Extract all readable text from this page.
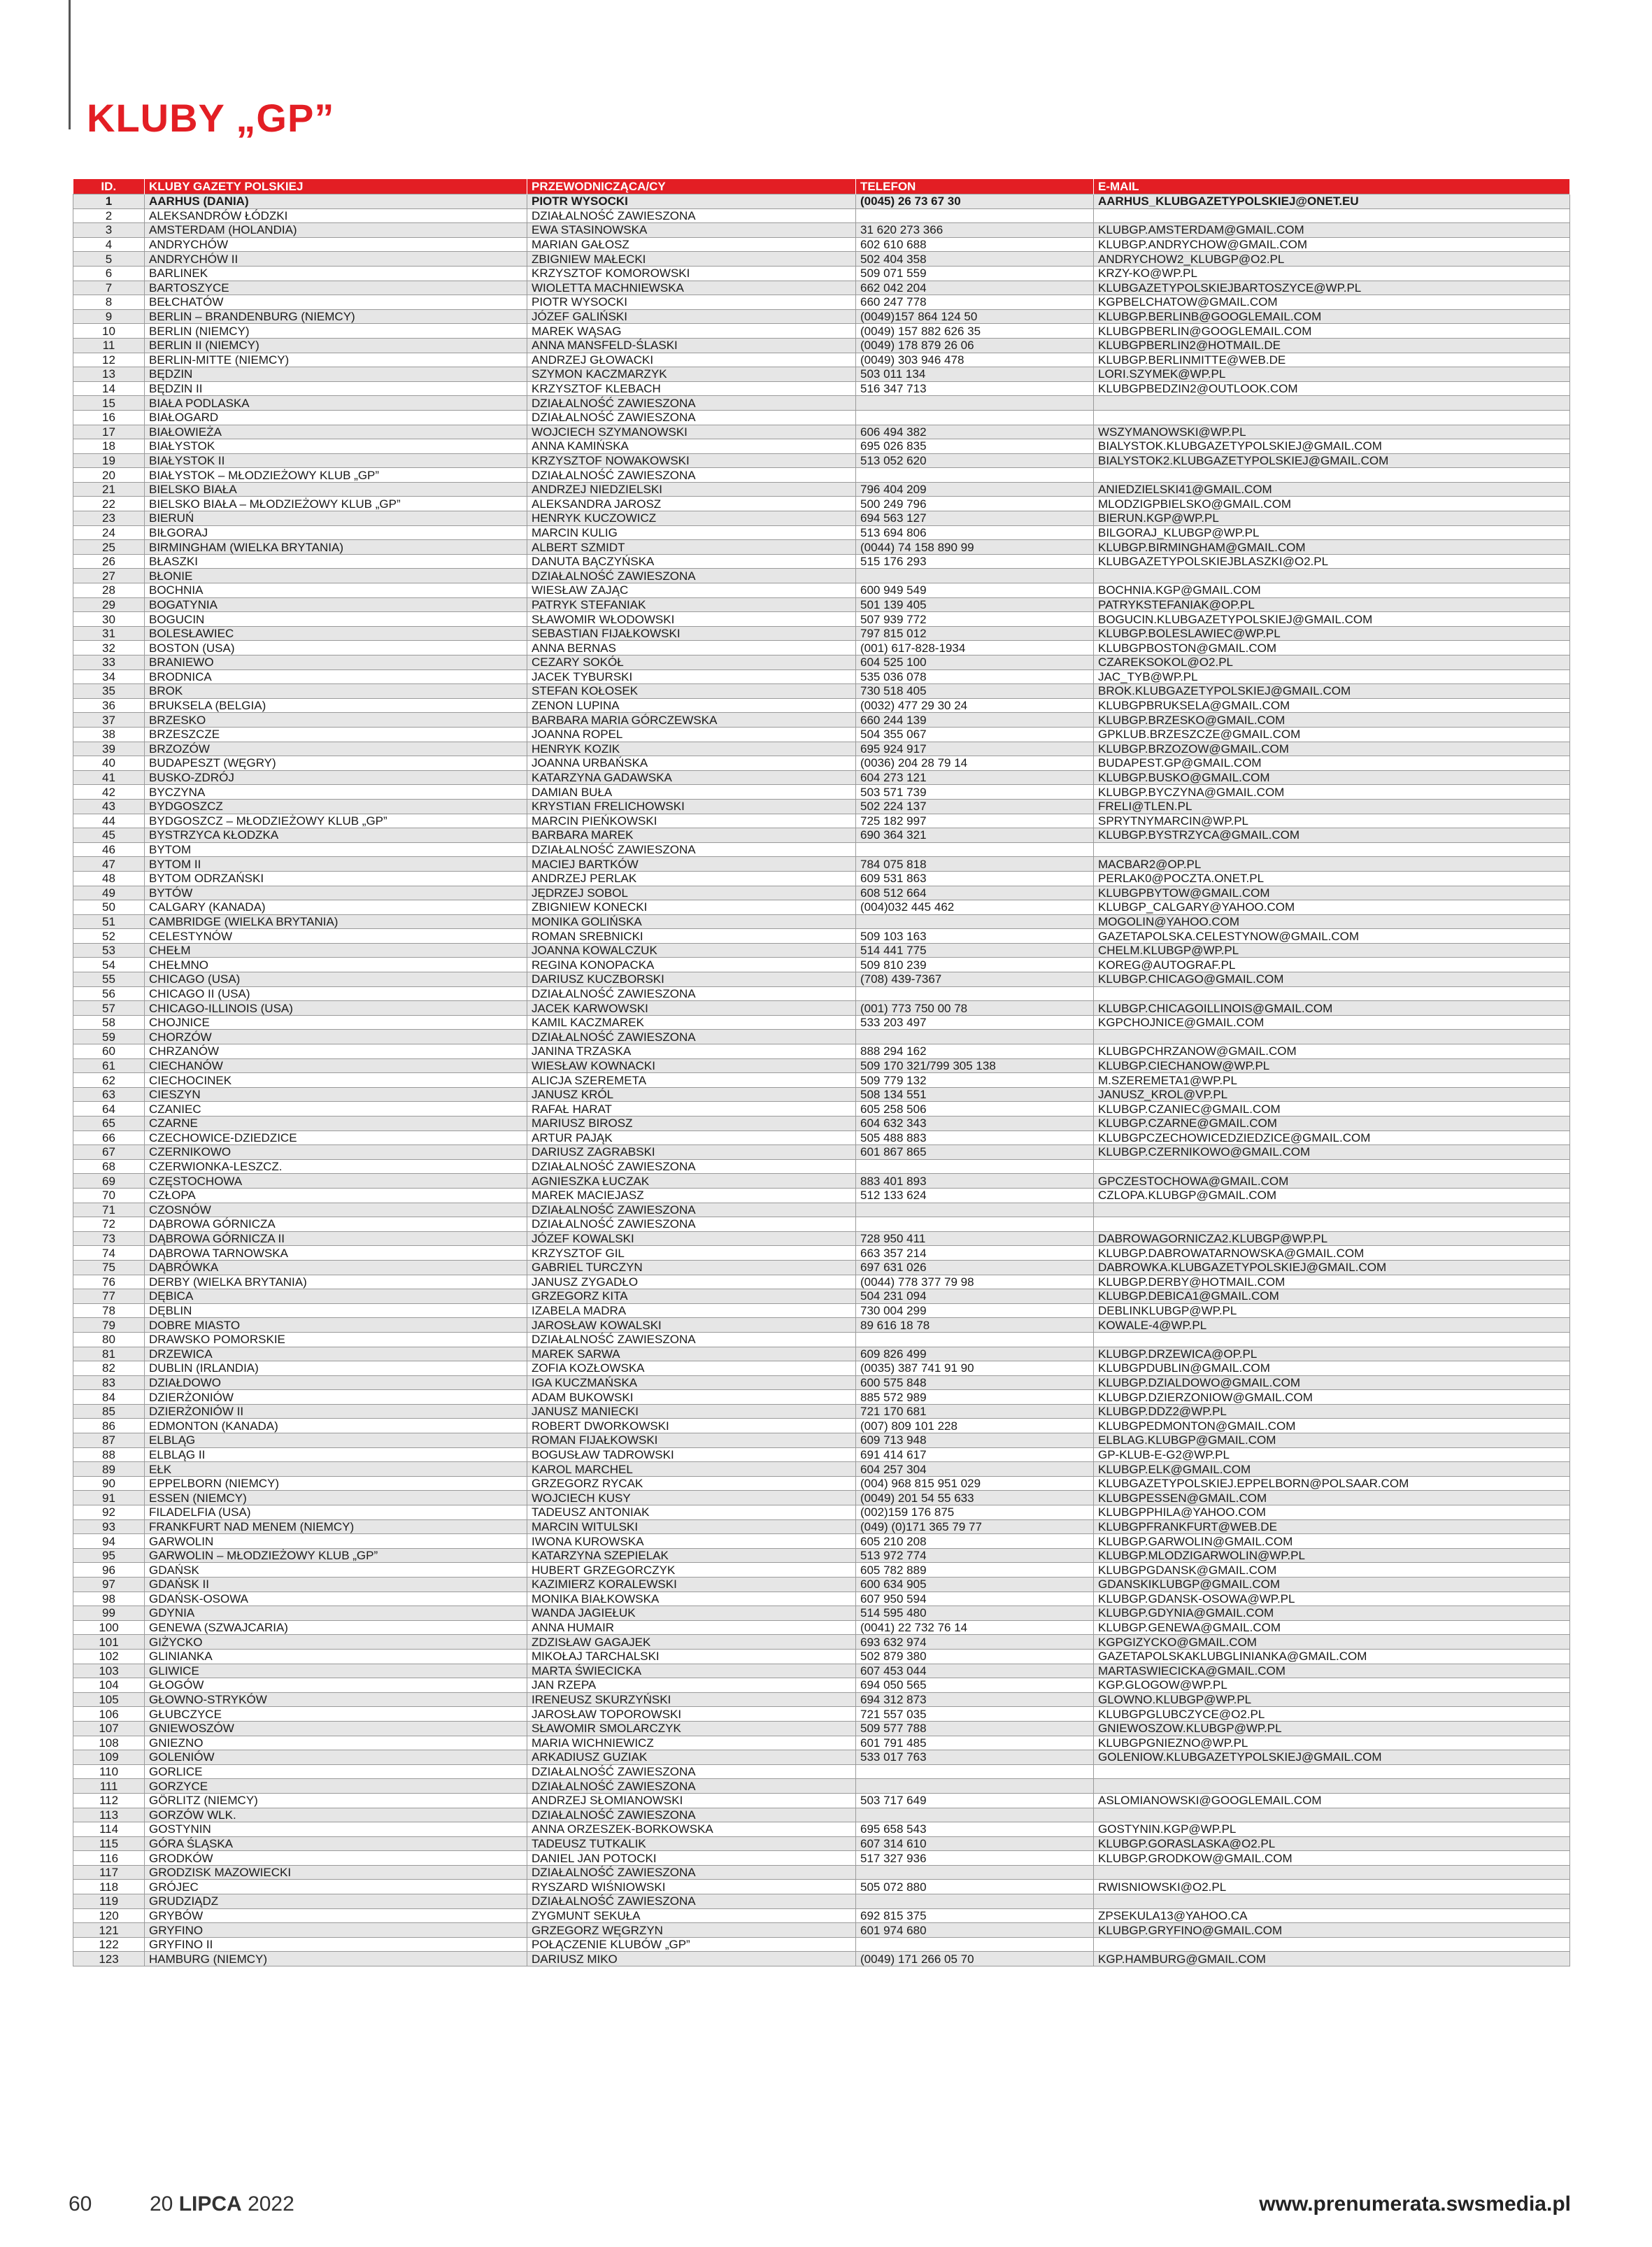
KLUBY „GP”
ID.	KLUBY GAZETY POLSKIEJ	PRZEWODNICZĄCA/CY	TELEFON	E-MAIL
1	AARHUS (DANIA)	PIOTR WYSOCKI	(0045) 26 73 67 30	AARHUS_KLUBGAZETYPOLSKIEJ@ONET.EU
2	ALEKSANDRÓW ŁÓDZKI	DZIAŁALNOŚĆ ZAWIESZONA		
3	AMSTERDAM (HOLANDIA)	EWA STASINOWSKA	31 620 273 366	KLUBGP.AMSTERDAM@GMAIL.COM
4	ANDRYCHÓW	MARIAN GAŁOSZ	602 610 688	KLUBGP.ANDRYCHOW@GMAIL.COM
5	ANDRYCHÓW II	ZBIGNIEW MAŁECKI	502 404 358	ANDRYCHOW2_KLUBGP@O2.PL
6	BARLINEK	KRZYSZTOF KOMOROWSKI	509 071 559	KRZY-KO@WP.PL
7	BARTOSZYCE	WIOLETTA MACHNIEWSKA	662 042 204	KLUBGAZETYPOLSKIEJBARTOSZYCE@WP.PL
8	BEŁCHATÓW	PIOTR WYSOCKI	660 247 778	KGPBELCHATOW@GMAIL.COM
9	BERLIN – BRANDENBURG (NIEMCY)	JÓZEF GALIŃSKI	(0049)157 864 124 50	KLUBGP.BERLINB@GOOGLEMAIL.COM
10	BERLIN (NIEMCY)	MAREK WĄSAG	(0049) 157 882 626 35	KLUBGPBERLIN@GOOGLEMAIL.COM
11	BERLIN II (NIEMCY)	ANNA MANSFELD-ŚLASKI	(0049) 178 879 26 06	KLUBGPBERLIN2@HOTMAIL.DE
12	BERLIN-MITTE (NIEMCY)	ANDRZEJ GŁOWACKI	(0049) 303 946 478	KLUBGP.BERLINMITTE@WEB.DE
13	BĘDZIN	SZYMON KACZMARZYK	503 011 134	LORI.SZYMEK@WP.PL
14	BĘDZIN II	KRZYSZTOF KLEBACH	516 347 713	KLUBGPBEDZIN2@OUTLOOK.COM
15	BIAŁA PODLASKA	DZIAŁALNOŚĆ ZAWIESZONA		
16	BIAŁOGARD	DZIAŁALNOŚĆ ZAWIESZONA		
17	BIAŁOWIEŻA	WOJCIECH SZYMANOWSKI	606 494 382	WSZYMANOWSKI@WP.PL
18	BIAŁYSTOK	ANNA KAMIŃSKA	695 026 835	BIALYSTOK.KLUBGAZETYPOLSKIEJ@GMAIL.COM
19	BIAŁYSTOK II	KRZYSZTOF NOWAKOWSKI	513 052 620	BIALYSTOK2.KLUBGAZETYPOLSKIEJ@GMAIL.COM
20	BIAŁYSTOK – MŁODZIEŻOWY KLUB „GP”	DZIAŁALNOŚĆ ZAWIESZONA		
21	BIELSKO BIAŁA	ANDRZEJ NIEDZIELSKI	796 404 209	ANIEDZIELSKI41@GMAIL.COM
22	BIELSKO BIAŁA – MŁODZIEŻOWY KLUB „GP”	ALEKSANDRA JAROSZ	500 249 796	MLODZIGPBIELSKO@GMAIL.COM
23	BIERUŃ	HENRYK KUCZOWICZ	694 563 127	BIERUN.KGP@WP.PL
24	BIŁGORAJ	MARCIN KULIG	513 694 806	BILGORAJ_KLUBGP@WP.PL
25	BIRMINGHAM (WIELKA BRYTANIA)	ALBERT SZMIDT	(0044) 74 158 890 99	KLUBGP.BIRMINGHAM@GMAIL.COM
26	BŁASZKI	DANUTA BĄCZYŃSKA	515 176 293	KLUBGAZETYPOLSKIEJBLASZKI@O2.PL
27	BŁONIE	DZIAŁALNOŚĆ ZAWIESZONA		
28	BOCHNIA	WIESŁAW ZAJĄC	600 949 549	BOCHNIA.KGP@GMAIL.COM
29	BOGATYNIA	PATRYK STEFANIAK	501 139 405	PATRYKSTEFANIAK@OP.PL
30	BOGUCIN	SŁAWOMIR WŁODOWSKI	507 939 772	BOGUCIN.KLUBGAZETYPOLSKIEJ@GMAIL.COM
31	BOLESŁAWIEC	SEBASTIAN FIJAŁKOWSKI	797 815 012	KLUBGP.BOLESLAWIEC@WP.PL
32	BOSTON (USA)	ANNA BERNAS	(001) 617-828-1934	KLUBGPBOSTON@GMAIL.COM
33	BRANIEWO	CEZARY SOKÓŁ	604 525 100	CZAREKSOKOL@O2.PL
34	BRODNICA	JACEK TYBURSKI	535 036 078	JAC_TYB@WP.PL
35	BROK	STEFAN KOŁOSEK	730 518 405	BROK.KLUBGAZETYPOLSKIEJ@GMAIL.COM
36	BRUKSELA (BELGIA)	ZENON LUPINA	(0032) 477 29 30 24	KLUBGPBRUKSELA@GMAIL.COM
37	BRZESKO	BARBARA MARIA GÓRCZEWSKA	660 244 139	KLUBGP.BRZESKO@GMAIL.COM
38	BRZESZCZE	JOANNA ROPEL	504 355 067	GPKLUB.BRZESZCZE@GMAIL.COM
39	BRZOZÓW	HENRYK KOZIK	695 924 917	KLUBGP.BRZOZOW@GMAIL.COM
40	BUDAPESZT (WĘGRY)	JOANNA URBAŃSKA	(0036) 204 28 79 14	BUDAPEST.GP@GMAIL.COM
41	BUSKO-ZDRÓJ	KATARZYNA GADAWSKA	604 273 121	KLUBGP.BUSKO@GMAIL.COM
42	BYCZYNA	DAMIAN BUŁA	503 571 739	KLUBGP.BYCZYNA@GMAIL.COM
43	BYDGOSZCZ	KRYSTIAN FRELICHOWSKI	502 224 137	FRELI@TLEN.PL
44	BYDGOSZCZ – MŁODZIEŻOWY KLUB „GP”	MARCIN PIEŃKOWSKI	725 182 997	SPRYTNYMARCIN@WP.PL
45	BYSTRZYCA KŁODZKA	BARBARA MAREK	690 364 321	KLUBGP.BYSTRZYCA@GMAIL.COM
46	BYTOM	DZIAŁALNOŚĆ ZAWIESZONA		
47	BYTOM II	MACIEJ BARTKÓW	784 075 818	MACBAR2@OP.PL
48	BYTOM ODRZAŃSKI	ANDRZEJ PERLAK	609 531 863	PERLAK0@POCZTA.ONET.PL
49	BYTÓW	JĘDRZEJ SOBOL	608 512 664	KLUBGPBYTOW@GMAIL.COM
50	CALGARY (KANADA)	ZBIGNIEW KONECKI	(004)032 445 462	KLUBGP_CALGARY@YAHOO.COM
51	CAMBRIDGE (WIELKA BRYTANIA)	MONIKA GOLIŃSKA		MOGOLIN@YAHOO.COM
52	CELESTYNÓW	ROMAN SREBNICKI	509 103 163	GAZETAPOLSKA.CELESTYNOW@GMAIL.COM
53	CHEŁM	JOANNA KOWALCZUK	514 441 775	CHELM.KLUBGP@WP.PL
54	CHEŁMNO	REGINA KONOPACKA	509 810 239	KOREG@AUTOGRAF.PL
55	CHICAGO (USA)	DARIUSZ KUCZBORSKI	(708) 439-7367	KLUBGP.CHICAGO@GMAIL.COM
56	CHICAGO II (USA)	DZIAŁALNOŚĆ ZAWIESZONA		
57	CHICAGO-ILLINOIS (USA)	JACEK KARWOWSKI	(001) 773 750 00 78	KLUBGP.CHICAGOILLINOIS@GMAIL.COM
58	CHOJNICE	KAMIL KACZMAREK	533 203 497	KGPCHOJNICE@GMAIL.COM
59	CHORZÓW	DZIAŁALNOŚĆ ZAWIESZONA		
60	CHRZANÓW	JANINA TRZASKA	888 294 162	KLUBGPCHRZANOW@GMAIL.COM
61	CIECHANÓW	WIESŁAW KOWNACKI	509 170 321/799 305 138	KLUBGP.CIECHANOW@WP.PL
62	CIECHOCINEK	ALICJA SZEREMETA	509 779 132	M.SZEREMETA1@WP.PL
63	CIESZYN	JANUSZ KRÓL	508 134 551	JANUSZ_KROL@VP.PL
64	CZANIEC	RAFAŁ HARAT	605 258 506	KLUBGP.CZANIEC@GMAIL.COM
65	CZARNE	MARIUSZ BIROSZ	604 632 343	KLUBGP.CZARNE@GMAIL.COM
66	CZECHOWICE-DZIEDZICE	ARTUR PAJĄK	505 488 883	KLUBGPCZECHOWICEDZIEDZICE@GMAIL.COM
67	CZERNIKOWO	DARIUSZ ZAGRABSKI	601 867 865	KLUBGP.CZERNIKOWO@GMAIL.COM
68	CZERWIONKA-LESZCZ.	DZIAŁALNOŚĆ ZAWIESZONA		
69	CZĘSTOCHOWA	AGNIESZKA ŁUCZAK	883 401 893	GPCZESTOCHOWA@GMAIL.COM
70	CZŁOPA	MAREK MACIEJASZ	512 133 624	CZLOPA.KLUBGP@GMAIL.COM
71	CZOSNÓW	DZIAŁALNOŚĆ ZAWIESZONA		
72	DĄBROWA GÓRNICZA	DZIAŁALNOŚĆ ZAWIESZONA		
73	DĄBROWA GÓRNICZA II	JÓZEF KOWALSKI	728 950 411	DABROWAGORNICZA2.KLUBGP@WP.PL
74	DĄBROWA TARNOWSKA	KRZYSZTOF GIL	663 357 214	KLUBGP.DABROWATARNOWSKA@GMAIL.COM
75	DĄBRÓWKA	GABRIEL TURCZYN	697 631 026	DABROWKA.KLUBGAZETYPOLSKIEJ@GMAIL.COM
76	DERBY (WIELKA BRYTANIA)	JANUSZ ZYGADŁO	(0044) 778 377 79 98	KLUBGP.DERBY@HOTMAIL.COM
77	DĘBICA	GRZEGORZ KITA	504 231 094	KLUBGP.DEBICA1@GMAIL.COM
78	DĘBLIN	IZABELA MADRA	730 004 299	DEBLINKLUBGP@WP.PL
79	DOBRE MIASTO	JAROSŁAW KOWALSKI	89 616 18 78	KOWALE-4@WP.PL
80	DRAWSKO POMORSKIE	DZIAŁALNOŚĆ ZAWIESZONA		
81	DRZEWICA	MAREK SARWA	609 826 499	KLUBGP.DRZEWICA@OP.PL
82	DUBLIN (IRLANDIA)	ZOFIA KOZŁOWSKA	(0035) 387 741 91 90	KLUBGPDUBLIN@GMAIL.COM
83	DZIAŁDOWO	IGA KUCZMAŃSKA	600 575 848	KLUBGP.DZIALDOWO@GMAIL.COM
84	DZIERŻONIÓW	ADAM BUKOWSKI	885 572 989	KLUBGP.DZIERZONIOW@GMAIL.COM
85	DZIERŻONIÓW II	JANUSZ MANIECKI	721 170 681	KLUBGP.DDZ2@WP.PL
86	EDMONTON (KANADA)	ROBERT DWORKOWSKI	(007) 809 101 228	KLUBGPEDMONTON@GMAIL.COM
87	ELBLĄG	ROMAN FIJAŁKOWSKI	609 713 948	ELBLAG.KLUBGP@GMAIL.COM
88	ELBLĄG II	BOGUSŁAW TADROWSKI	691 414 617	GP-KLUB-E-G2@WP.PL
89	EŁK	KAROL MARCHEL	604 257 304	KLUBGP.ELK@GMAIL.COM
90	EPPELBORN (NIEMCY)	GRZEGORZ RYCAK	(004) 968 815 951 029	KLUBGAZETYPOLSKIEJ.EPPELBORN@POLSAAR.COM
91	ESSEN (NIEMCY)	WOJCIECH KUSY	(0049) 201 54 55 633	KLUBGPESSEN@GMAIL.COM
92	FILADELFIA (USA)	TADEUSZ ANTONIAK	(002)159 176 875	KLUBGPPHILA@YAHOO.COM
93	FRANKFURT NAD MENEM (NIEMCY)	MARCIN WITULSKI	(049) (0)171 365 79 77	KLUBGPFRANKFURT@WEB.DE
94	GARWOLIN	IWONA KUROWSKA	605 210 208	KLUBGP.GARWOLIN@GMAIL.COM
95	GARWOLIN – MŁODZIEŻOWY KLUB „GP”	KATARZYNA SZEPIELAK	513 972 774	KLUBGP.MLODZIGARWOLIN@WP.PL
96	GDAŃSK	HUBERT GRZEGORCZYK	605 782 889	KLUBGPGDANSK@GMAIL.COM
97	GDAŃSK II	KAZIMIERZ KORALEWSKI	600 634 905	GDANSKIKLUBGP@GMAIL.COM
98	GDAŃSK-OSOWA	MONIKA BIAŁKOWSKA	607 950 594	KLUBGP.GDANSK-OSOWA@WP.PL
99	GDYNIA	WANDA JAGIEŁUK	514 595 480	KLUBGP.GDYNIA@GMAIL.COM
100	GENEWA (SZWAJCARIA)	ANNA HUMAIR	(0041) 22 732 76 14	KLUBGP.GENEWA@GMAIL.COM
101	GIŻYCKO	ZDZISŁAW GAGAJEK	693 632 974	KGPGIZYCKO@GMAIL.COM
102	GLINIANKA	MIKOŁAJ TARCHALSKI	502 879 380	GAZETAPOLSKAKLUBGLINIANKA@GMAIL.COM
103	GLIWICE	MARTA ŚWIECICKA	607 453 044	MARTASWIECICKA@GMAIL.COM
104	GŁOGÓW	JAN RZEPA	694 050 565	KGP.GLOGOW@WP.PL
105	GŁOWNO-STRYKÓW	IRENEUSZ SKURZYŃSKI	694 312 873	GLOWNO.KLUBGP@WP.PL
106	GŁUBCZYCE	JAROSŁAW TOPOROWSKI	721 557 035	KLUBGPGLUBCZYCE@O2.PL
107	GNIEWOSZÓW	SŁAWOMIR SMOLARCZYK	509 577 788	GNIEWOSZOW.KLUBGP@WP.PL
108	GNIEZNO	MARIA WICHNIEWICZ	601 791 485	KLUBGPGNIEZNO@WP.PL
109	GOLENIÓW	ARKADIUSZ GUZIAK	533 017 763	GOLENIOW.KLUBGAZETYPOLSKIEJ@GMAIL.COM
110	GORLICE	DZIAŁALNOŚĆ ZAWIESZONA		
111	GORZYCE	DZIAŁALNOŚĆ ZAWIESZONA		
112	GÖRLITZ (NIEMCY)	ANDRZEJ SŁOMIANOWSKI	503 717 649	ASLOMIANOWSKI@GOOGLEMAIL.COM
113	GORZÓW WLK.	DZIAŁALNOŚĆ ZAWIESZONA		
114	GOSTYNIN	ANNA ORZESZEK-BORKOWSKA	695 658 543	GOSTYNIN.KGP@WP.PL
115	GÓRA ŚLĄSKA	TADEUSZ TUTKALIK	607 314 610	KLUBGP.GORASLASKA@O2.PL
116	GRODKÓW	DANIEL JAN POTOCKI	517 327 936	KLUBGP.GRODKOW@GMAIL.COM
117	GRODZISK MAZOWIECKI	DZIAŁALNOŚĆ ZAWIESZONA		
118	GRÓJEC	RYSZARD WIŚNIOWSKI	505 072 880	RWISNIOWSKI@O2.PL
119	GRUDZIĄDZ	DZIAŁALNOŚĆ ZAWIESZONA		
120	GRYBÓW	ZYGMUNT SEKUŁA	692 815 375	ZPSEKULA13@YAHOO.CA
121	GRYFINO	GRZEGORZ WĘGRZYN	601 974 680	KLUBGP.GRYFINO@GMAIL.COM
122	GRYFINO II	POŁĄCZENIE KLUBÓW „GP”		
123	HAMBURG (NIEMCY)	DARIUSZ MIKO	(0049) 171 266 05 70	KGP.HAMBURG@GMAIL.COM
60	20 LIPCA 2022	www.prenumerata.swsmedia.pl
